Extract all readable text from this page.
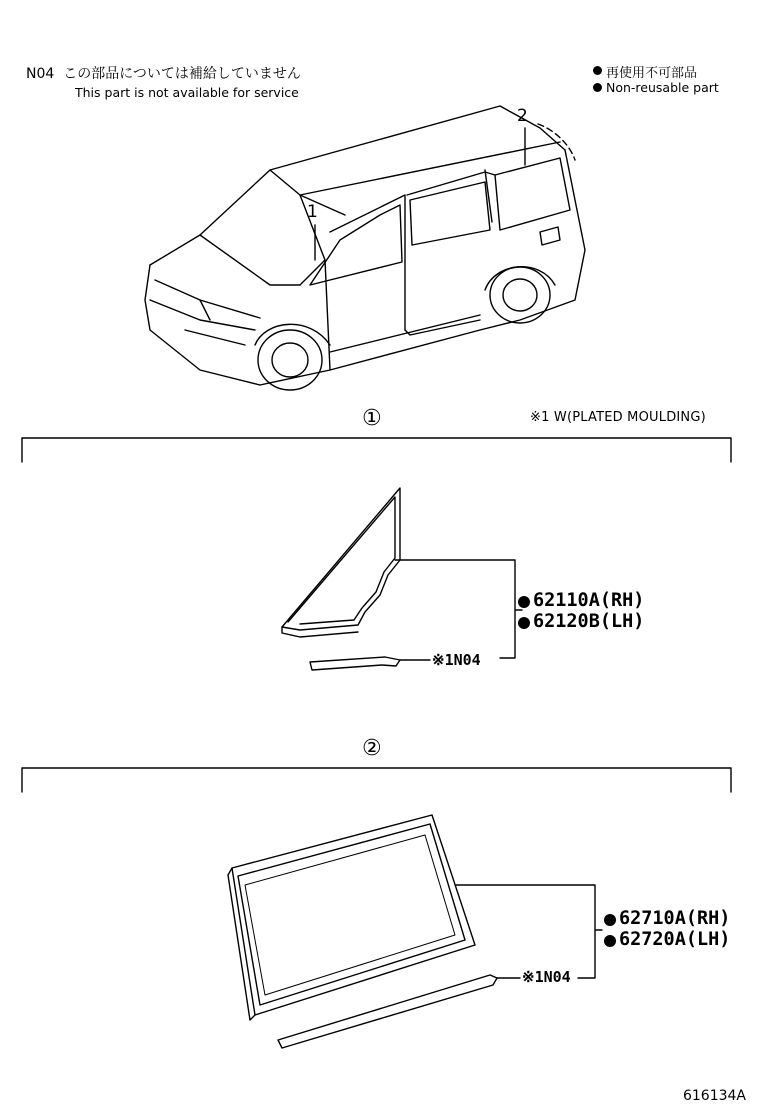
N04 この部品については補給していません
This part is not available for service
再使用不可部品
Non-reusable part
1
2
①	※1 W(PLATED MOULDING)
62110A(RH)
62120B(LH)
※1N04
②
62710A(RH)
62720A(LH)
※1N04
616134A
